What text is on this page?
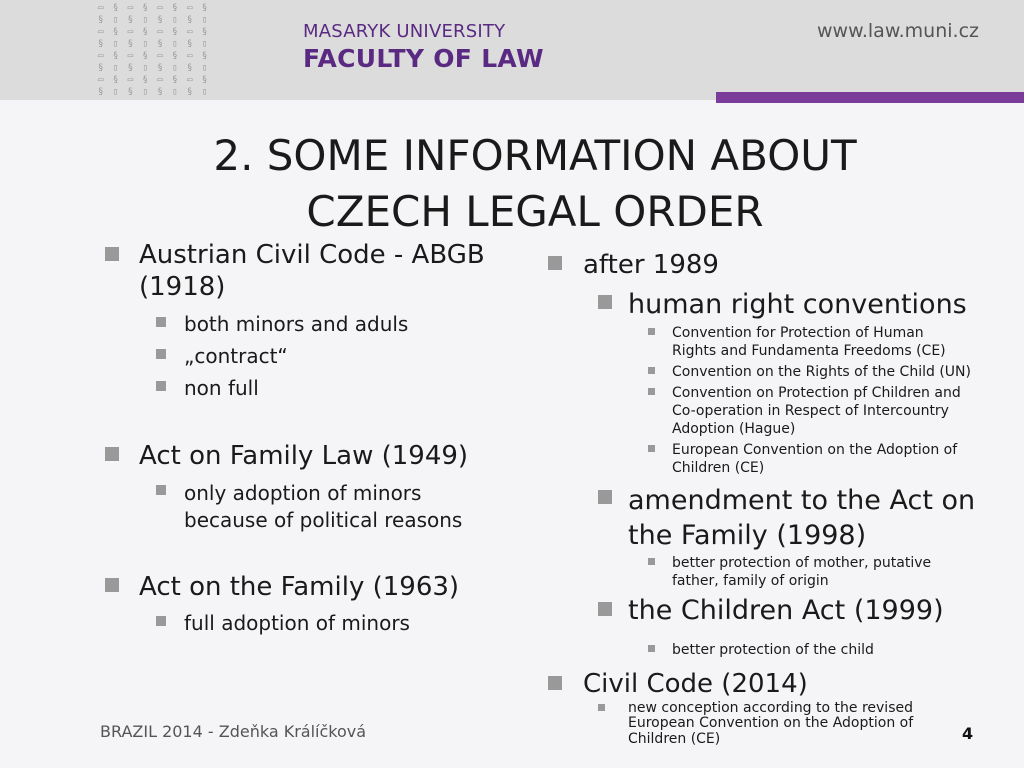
▭ § ▭ § ▭ § ▭ §
§ ▯ § ▯ § ▯ § ▯
▭ § ▭ § ▭ § ▭ §
§ ▯ § ▯ § ▯ § ▯
▭ § ▭ § ▭ § ▭ §
§ ▯ § ▯ § ▯ § ▯
▭ § ▭ § ▭ § ▭ §
§ ▯ § ▯ § ▯ § ▯
MASARYK UNIVERSITY
FACULTY OF LAW
www.law.muni.cz
2. SOME INFORMATION ABOUT
CZECH LEGAL ORDER
Austrian Civil Code - ABGB (1918)
both minors and aduls
„contract“
non full
Act on Family Law (1949)
only adoption of minors because of political reasons
Act on the Family (1963)
full adoption of minors
after 1989
human right conventions
Convention for Protection of Human Rights and Fundamenta Freedoms (CE)
Convention on the Rights of the Child (UN)
Convention on Protection pf Children and Co-operation in Respect of Intercountry Adoption (Hague)
European Convention on the Adoption of Children (CE)
amendment to the Act on the Family (1998)
better protection of mother, putative father, family of origin
the Children Act (1999)
better protection of the child
Civil Code (2014)
new conception according to the revised European Convention on the Adoption of Children (CE)
BRAZIL 2014 - Zdeňka Králíčková	4
